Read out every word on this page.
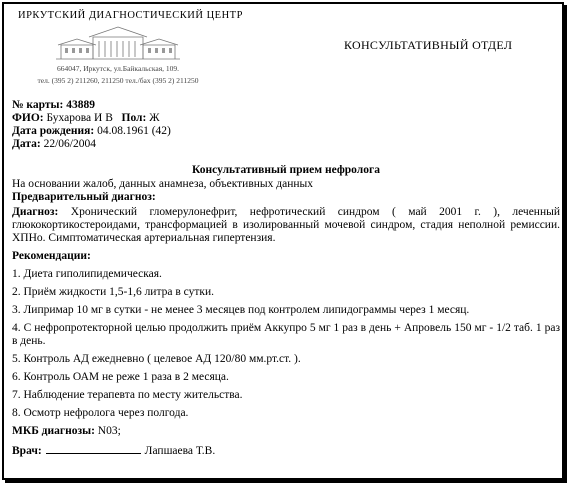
ИРКУТСКИЙ ДИАГНОСТИЧЕСКИЙ ЦЕНТР
664047, Иркутск, ул.Байкальская, 109.
тел. (395 2) 211260, 211250 тел./бах (395 2) 211250
КОНСУЛЬТАТИВНЫЙ ОТДЕЛ
№ карты: 43889
ФИО: Бухарова И В Пол: Ж
Дата рождения: 04.08.1961 (42)
Дата: 22/06/2004
Консультативный прием нефролога
На основании жалоб, данных анамнеза, объективных данных
Предварительный диагноз:
Диагноз: Хронический гломерулонефрит, нефротический синдром ( май 2001 г. ), леченный глюкокортикостероидами, трансформацией в изолированный мочевой синдром, стадия неполной ремиссии. ХПНо. Симптоматическая артериальная гипертензия.
Рекомендации:
1. Диета гиполипидемическая.
2. Приём жидкости 1,5-1,6 литра в сутки.
3. Липримар 10 мг в сутки - не менее 3 месяцев под контролем липидограммы через 1 месяц.
4. С нефропротекторной целью продолжить приём Аккупро 5 мг 1 раз в день + Апровель 150 мг - 1/2 таб. 1 раз в день.
5. Контроль АД ежедневно ( целевое АД 120/80 мм.рт.ст. ).
6. Контроль ОАМ не реже 1 раза в 2 месяца.
7. Наблюдение терапевта по месту жительства.
8. Осмотр нефролога через полгода.
МКБ диагнозы: N03;
Врач:	Лапшаева Т.В.
